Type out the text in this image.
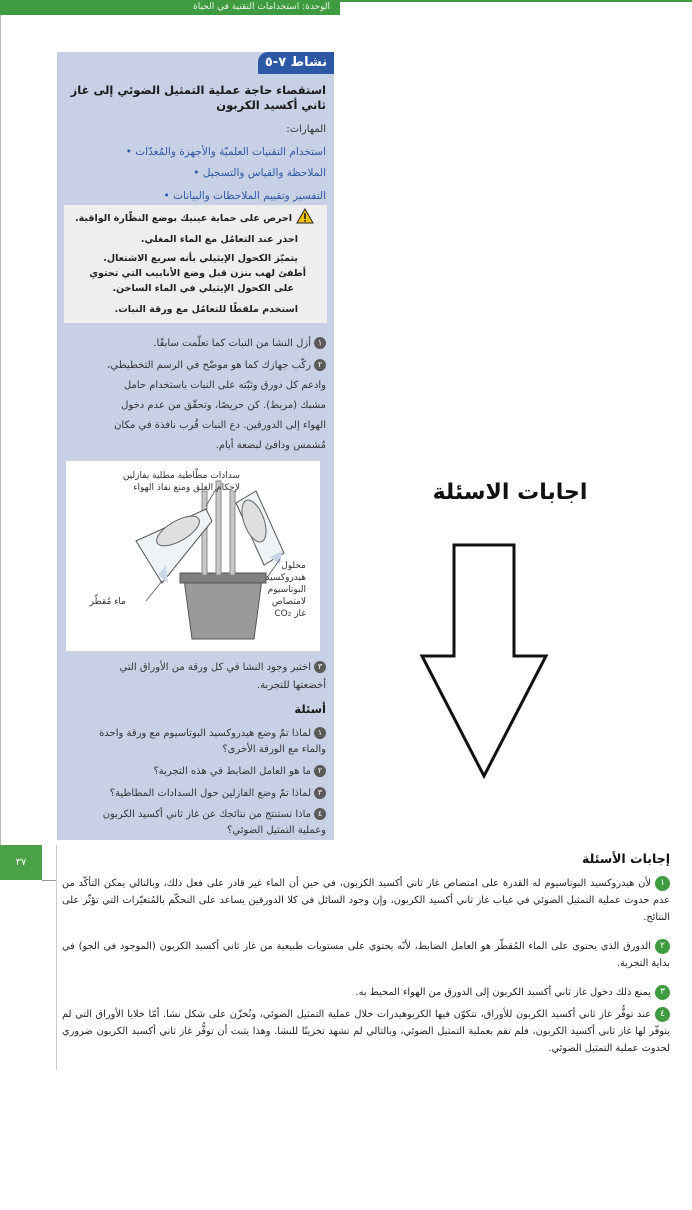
الوحدة: استخدامات التقنية في الحياة
نشاط ٧-٥
استقصاء حاجة عملية التمثيل الضوئي إلى غاز ثاني أكسيد الكربون
المهارات:
استخدام التقنيات العلميّة والأجهزة والمُعدّات •
الملاحظة والقياس والتسجيل •
التفسير وتقييم الملاحظات والبيانات •
احرص على حماية عينيك بوضع النظّارة الواقية.
احذر عند التعامُل مع الماء المغلي.
يتميّز الكحول الإيثيلي بأنه سريع الاشتعال.
أطفئ لهب بنزن قبل وضع الأنابيب التي تحتوي
على الكحول الإيثيلي في الماء الساخن.
استخدم ملقطًا للتعامُل مع ورقة النبات.
١أزل النشا من النبات كما تعلّمت سابقًا.
٢ركّب جهازك كما هو موضّح في الرسم التخطيطي،
وادعم كل دورق وثبّته على النبات باستخدام حامل
مشبك (مربط). كن حريصًا، وتحقّق من عدم دخول
الهواء إلى الدورقين. دع النبات قُرب نافذة في مكان
مُشمس ودافئ لبضعة أيام.
سدادات مطّاطية مطلية بفازلين
لإحكام الغلق ومنع نفاذ الهواء
ماء مُقطّر
محلول
هيدروكسيد
البوتاسيوم
لامتصاص
غاز CO₂
٣اختبر وجود النشا في كل ورقة من الأوراق التي
أخضعتها للتجربة.
أسئلة
١لماذا تمّ وضع هيدروكسيد البوتاسيوم مع ورقة واحدة
والماء مع الورقة الأخرى؟
٢ما هو العامل الضابط في هذه التجربة؟
٣لماذا تمّ وضع الفازلين حول السدادات المطاطية؟
٤ماذا تستنتج من نتائجك عن غاز ثاني أكسيد الكربون
وعملية التمثيل الضوئي؟
٣٧
اجابات الاسئلة
إجابات الأسئلة
١لأن هيدروكسيد البوتاسيوم له القدرة على امتصاص غاز ثاني أكسيد الكربون، في حين أن الماء غير قادر على فعل ذلك، وبالتالي يمكن التأكّد من عدم حدوث عملية التمثيل الضوئي في غياب غاز ثاني أكسيد الكربون، وإن وجود السائل في كلا الدورقين يساعد على التحكّم بالمُتغيّرات التي تؤثّر على النتائج.
٢الدورق الذي يحتوي على الماء المُقطّر هو العامل الضابط، لأنّه يحتوي على مستويات طبيعية من غاز ثاني أكسيد الكربون (الموجود في الجو) في بداية التجربة.
٣يمنع ذلك دخول غاز ثاني أكسيد الكربون إلى الدورق من الهواء المحيط به.
٤عند توفُّر غاز ثاني أكسيد الكربون للأوراق، تتكوّن فيها الكربوهيدرات خلال عملية التمثيل الضوئي، وتُخزّن على شكل نشا. أمّا خلايا الأوراق التي لم يتوفّر لها غاز ثاني أكسيد الكربون، فلم تقم بعملية التمثيل الضوئي، وبالتالي لم تشهد تخزينًا للنشا. وهذا يثبت أن توفُّر غاز ثاني أكسيد الكربون ضروري لحدوث عملية التمثيل الضوئي.
